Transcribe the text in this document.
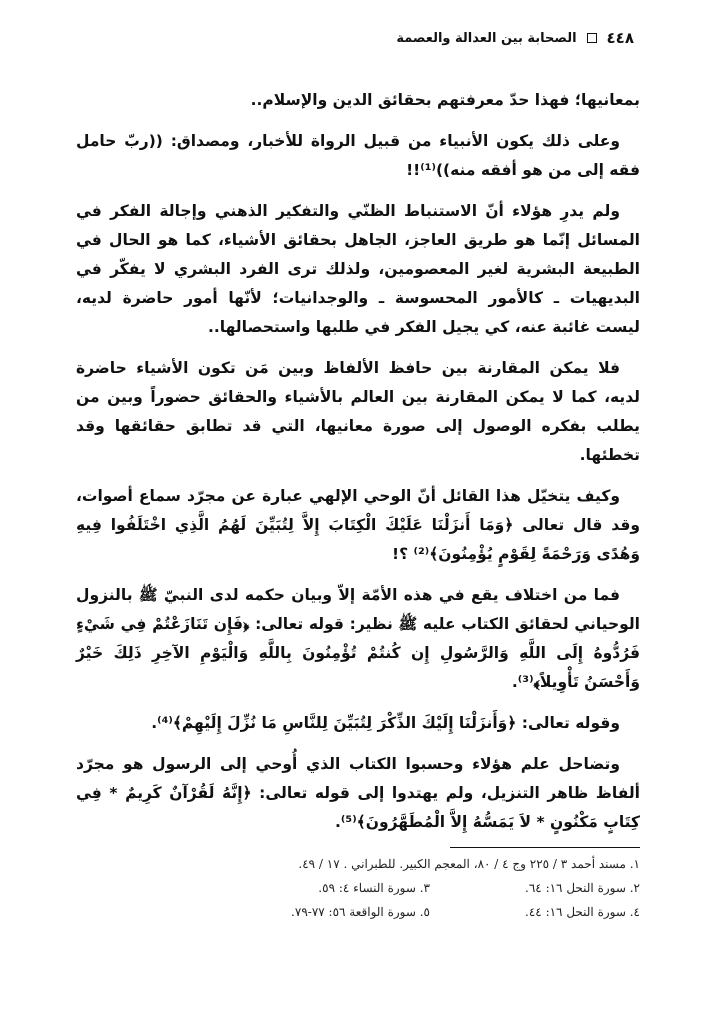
٤٤٨
الصحابة بين العدالة والعصمة

بمعانيها؛ فهذا حدّ معرفتهم بحقائق الدين والإسلام..

وعلى ذلك يكون الأنبياء من قبيل الرواة للأخبار، ومصداق: ((ربّ حامل فقه إلى من هو أفقه منه))⁽¹⁾!!

ولم يدرِ هؤلاء أنّ الاستنباط الظنّي والتفكير الذهني وإجالة الفكر في المسائل إنّما هو طريق العاجز، الجاهل بحقائق الأشياء، كما هو الحال في الطبيعة البشرية لغير المعصومين، ولذلك ترى الفرد البشري لا يفكّر في البديهيات ـ كالأمور المحسوسة ـ والوجدانيات؛ لأنّها أمور حاضرة لديه، ليست غائبة عنه، كي يجيل الفكر في طلبها واستحصالها..

فلا يمكن المقارنة بين حافظ الألفاظ وبين مَن تكون الأشياء حاضرة لديه، كما لا يمكن المقارنة بين العالم بالأشياء والحقائق حضوراً وبين من يطلب بفكره الوصول إلى صورة معانيها، التي قد تطابق حقائقها وقد تخطئها.

وكيف يتخيّل هذا القائل أنّ الوحي الإلهي عبارة عن مجرّد سماع أصوات، وقد قال تعالى ﴿وَمَا أَنزَلْنَا عَلَيْكَ الْكِتَابَ إِلاَّ لِتُبَيِّنَ لَهُمُ الَّذِي اخْتَلَفُوا فِيهِ وَهُدًى وَرَحْمَةً لِقَوْمٍ يُؤْمِنُونَ﴾⁽²⁾ ؟!

فما من اختلاف يقع في هذه الأمّة إلاّ وبيان حكمه لدى النبيّ ﷺ بالنزول الوحياني لحقائق الكتاب عليه ﷺ نظير: قوله تعالى: ﴿فَإِن تَنَازَعْتُمْ فِي شَيْءٍ فَرُدُّوهُ إِلَى اللَّهِ وَالرَّسُولِ إِن كُنتُمْ تُؤْمِنُونَ بِاللَّهِ وَالْيَوْمِ الآخِرِ ذَلِكَ خَيْرٌ وَأَحْسَنُ تَأْوِيلاً﴾⁽³⁾.

وقوله تعالى: ﴿وَأَنزَلْنَا إِلَيْكَ الذِّكْرَ لِتُبَيِّنَ لِلنَّاسِ مَا نُزِّلَ إِلَيْهِمْ﴾⁽⁴⁾.

وتضاحل علم هؤلاء وحسبوا الكتاب الذي أُوحي إلى الرسول هو مجرّد ألفاظ ظاهر التنزيل، ولم يهتدوا إلى قوله تعالى: ﴿إِنَّهُ لَقُرْآنٌ كَرِيمٌ * فِي كِتَابٍ مَكْنُونٍ * لاَ يَمَسُّهُ إِلاَّ الْمُطَهَّرُونَ﴾⁽⁵⁾.

١. مسند أحمد ٣ / ٢٢٥ وج ٤ / ٨٠، المعجم الكبير. للطبراني . ١٧ / ٤٩.
٢. سورة النحل ١٦: ٦٤.
٣. سورة النساء ٤: ٥٩.
٤. سورة النحل ١٦: ٤٤.
٥. سورة الواقعة ٥٦: ٧٧-٧٩.
